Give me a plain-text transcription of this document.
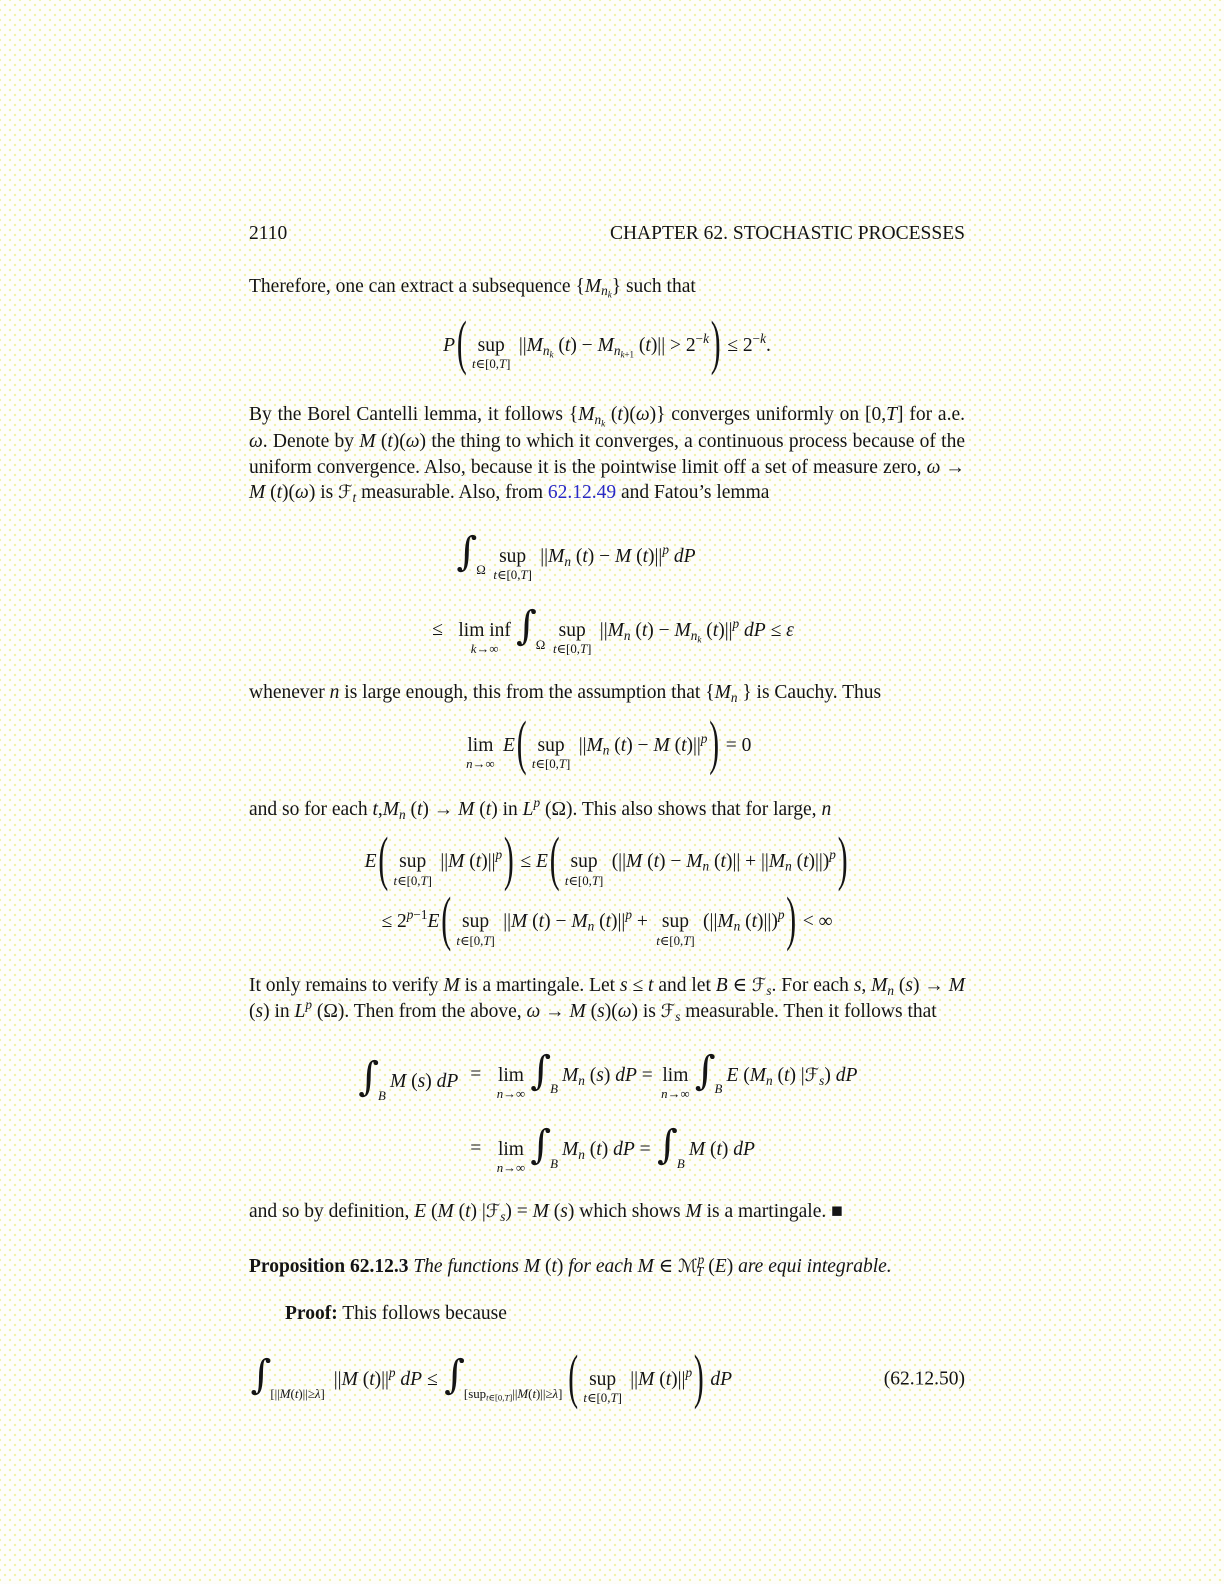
2110	CHAPTER 62. STOCHASTIC PROCESSES
Therefore, one can extract a subsequence $\{M_{n_k}\}$ such that
P( sup
t∈[0,T]
$||M_{n_k}$ $(t) - M_{n_{k+1}}$ $(t)|| > 2^{-k}) \le 2^{-k}$.
By the Borel Cantelli lemma, it follows {$M_{n_k}$ (t)(ω)} converges uniformly on [0,T] for a.e. ω. Denote by M (t)(ω) the thing to which it converges, a continuous process because of the uniform convergence. Also, because it is the pointwise limit off a set of measure zero, ω → M (t)(ω) is ℱ$_t$ measurable. Also, from 62.12.49 and Fatou’s lemma
∫
Ω
sup
t∈[0,T]
$||M_n$ (t) − M $(t)||^p$ dP
≤ lim inf
k→∞
∫
Ω
sup
t∈[0,T]
$||M_n$ $(t) - M_{n_k}$ $(t)||^p$ dP ≤ ε
whenever n is large enough, this from the assumption that {$M_n$ } is Cauchy. Thus
lim
n→∞
E( sup
t∈[0,T]
$||M_n$ (t) − M $(t)||^p) = 0$
and so for each $t,M_n$ (t) → M (t) in $L^p$ (Ω). This also shows that for large, n
E( sup
t∈[0,T]
||M $(t)||^p) \le E$( sup
t∈[0,T]
(||M $(t) - M_n$ $(t)|| + ||M_n$ (t)||)$^p$)
≤ $2^{p-1}E$( sup
t∈[0,T]
||M $(t) - M_n$ $(t)||^p$ + sup
t∈[0,T]
($||M_n$ (t)||)$^p$) < ∞
It only remains to verify M is a martingale. Let s ≤ t and let B ∈ ℱ$_s$. For each s, $M_n$ (s) → M (s) in $L^p$ (Ω). Then from the above, ω → M (s)(ω) is ℱ$_s$ measurable. Then it follows that
∫
B
M (s) dP = lim
n→∞
∫
B
$M_n$ (s) dP = lim
n→∞
∫
B
E ($M_n$ (t) |ℱ$_s$) dP
= lim
n→∞
∫
B
$M_n$ (t) dP = ∫
B
M (t) dP
and so by definition, E (M (t) |ℱ$_s$) = M (s) which shows M is a martingale. ■
Proposition 62.12.3 The functions M (t) for each M ∈ ℳ$^p_T$ (E) are equi integrable.
Proof: This follows because
∫
[||M(t)||≥λ]
||M $(t)||^p$ dP ≤ ∫
[sup$_{t\in[0,T]}$||M(t)||≥λ] ( sup
t∈[0,T]
||M $(t)||^p$) dP	(62.12.50)
